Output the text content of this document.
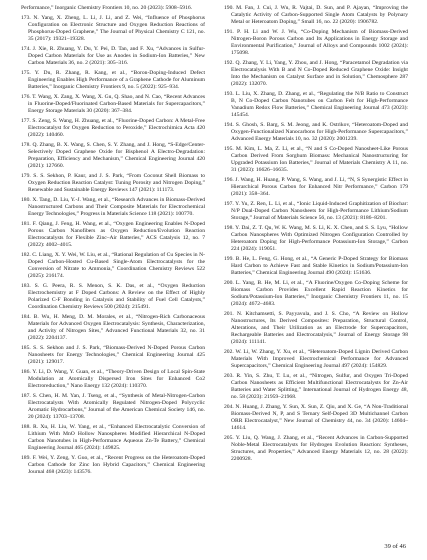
Performance,” Inorganic Chemistry Frontiers 10, no. 20 (2023): 5908–5916.

173. N. Yang, X. Zheng, L. Li, J. Li, and Z. Wei, “Influence of Phosphorus Configuration on Electronic Structure and Oxygen Reduction Reactions of Phosphorus-Doped Graphene,” The Journal of Physical Chemistry C 121, no. 35 (2017): 19321–19328.

174. J. Xie, R. Zhuang, Y. Du, Y. Pei, D. Tan, and F. Xu, “Advances in Sulfur-Doped Carbon Materials for Use as Anodes in Sodium-Ion Batteries,” New Carbon Materials 36, no. 2 (2021): 305–316.

175. Y. Du, R. Zhang, R. Kang, et al., “Boron-Doping-Induced Defect Engineering Enables High Performance of a Graphene Cathode for Aluminum Batteries,” Inorganic Chemistry Frontiers 9, no. 5 (2022): 925–934.

176. T. Wang, X. Zang, X. Wang, X. Gu, Q. Shao, and N. Cao, “Recent Advances in Fluorine-Doped/Fluorinated Carbon-Based Materials for Supercapacitors,” Energy Storage Materials 30 (2020): 367–384.

177. S. Zeng, S. Wang, H. Zhuang, et al., “Fluorine-Doped Carbon: A Metal-Free Electrocatalyst for Oxygen Reduction to Peroxide,” Electrochimica Acta 420 (2022): 140460.

178. Q. Zhang, B. X. Wang, S. Chen, S. Y. Zhang, and J. Hong, “S-Edge/Center-Selectively Doped Graphene Oxide for Bisphenol A Electro-Degradation: Preparation, Efficiency and Mechanism,” Chemical Engineering Journal 420 (2021): 127660.

179. S. S. Sekhon, P. Kaur, and J. S. Park, “From Coconut Shell Biomass to Oxygen Reduction Reaction Catalyst: Tuning Porosity and Nitrogen Doping,” Renewable and Sustainable Energy Reviews 147 (2021): 111173.

180. X. Tang, D. Liu, Y.-J. Wang, et al., “Research Advances in Biomass-Derived Nanostructured Carbons and Their Composite Materials for Electrochemical Energy Technologies,” Progress in Materials Science 118 (2021): 100770.

181. F. Qiang, J. Feng, H. Wang, et al., “Oxygen Engineering Enables N-Doped Porous Carbon Nanofibers as Oxygen Reduction/Evolution Reaction Electrocatalysts for Flexible Zinc–Air Batteries,” ACS Catalysis 12, no. 7 (2022): 4002–4015.

182. C. Liang, X. Y. Wei, W. Liu, et al., “Rational Regulation of Cu Species in N-Doped Carbon-Hosted Cu-Based Single-Atom Electrocatalysts for the Conversion of Nitrate to Ammonia,” Coordination Chemistry Reviews 522 (2025): 216174.

183. S. G. Peera, R. S. Menon, S. K. Das, et al., “Oxygen Reduction Electrochemistry at F Doped Carbons: A Review on the Effect of Highly Polarized C-F Bonding in Catalysis and Stability of Fuel Cell Catalysts,” Coordination Chemistry Reviews 500 (2024): 215491.

184. B. Wu, H. Meng, D. M. Morales, et al., “Nitrogen-Rich Carbonaceous Materials for Advanced Oxygen Electrocatalysis: Synthesis, Characterization, and Activity of Nitrogen Sites,” Advanced Functional Materials 32, no. 31 (2022): 2204137.

185. S. S. Sekhon and J. S. Park, “Biomass-Derived N-Doped Porous Carbon Nanosheets for Energy Technologies,” Chemical Engineering Journal 425 (2021): 129017.

186. Y. Li, D. Wang, Y. Guan, et al., “Theory-Driven Design of Local Spin-State Modulation at Atomically Dispersed Iron Sites for Enhanced Co2 Electroreduction,” Nano Energy 132 (2024): 110370.

187. S. Chen, H. M. Yan, J. Tseng, et al., “Synthesis of Metal-Nitrogen-Carbon Electrocatalysts With Atomically Regulated Nitrogen-Doped Polycyclic Aromatic Hydrocarbons,” Journal of the American Chemical Society 146, no. 20 (2024): 13703–13708.

188. R. Xu, H. Liu, W. Yang, et al., “Enhanced Electrocatalytic Conversion of Lithium With MnO Hollow Nanospheres Modified Hierarchical N-Doped Carbon Nanotubes in High-Performance Aqueous Zn-Te Battery,” Chemical Engineering Journal 465 (2024): 149825.

189. F. Wei, Y. Zeng, Y. Guo, et al., “Recent Progress on the Heteroatom-Doped Carbon Cathode for Zinc Ion Hybrid Capacitors,” Chemical Engineering Journal 468 (2023): 143576.

190. M. Fan, J. Cui, J. Wu, R. Vajtai, D. Sun, and P. Ajayan, “Improving the Catalytic Activity of Carbon-Supported Single Atom Catalysts by Polynary Metal or Heteroatom Doping,” Small 16, no. 22 (2020): 1906782.

191. P. H. Li and W. J. Wu, “Co-Doping Mechanism of Biomass-Derived Nitrogen-Boron Porous Carbon and Its Applications in Energy Storage and Environmental Purification,” Journal of Alloys and Compounds 1002 (2024): 175098.

192. Q. Zhang, Y. Li, Yang, Y. Zhou, and J. Hong, “Paracetamol Degradation via Electrocatalysis With B and N Co-Doped Reduced Graphene Oxide: Insight Into the Mechanism on Catalyst Surface and in Solution,” Chemosphere 287 (2022): 132070.

193. L. Liu, X. Zhang, D. Zhang, et al., “Regulating the N/B Ratio to Construct B, N Co-Doped Carbon Nanotubes on Carbon Felt for High-Performance Vanadium Redox Flow Batteries,” Chemical Engineering Journal 473 (2023): 145454.

194. S. Ghosh, S. Barg, S. M. Jeong, and K. Ostrikov, “Heteroatom-Doped and Oxygen-Functionalized Nanocarbons for High-Performance Supercapacitors,” Advanced Energy Materials 10, no. 32 (2020): 2001239.

195. M. Kim, L. Ma, Z. Li, et al., “N and S Co-Doped Nanosheet-Like Porous Carbon Derived From Sorghum Biomass: Mechanical Nanostructuring for Upgraded Potassium Ion Batteries,” Journal of Materials Chemistry A 11, no. 31 (2023): 16626–16635.

196. J. Wang, H. Huang, P. Wang, S. Wang, and J. Li, “N, S Synergistic Effect in Hierarchical Porous Carbon for Enhanced Nitr Performance,” Carbon 179 (2021): 358–364.

197. Y. Yu, Z. Ren, L. Li, et al., “Ionic Liquid-Induced Graphitization of Biochar: N/P Dual-Doped Carbon Nanosheets for High-Performance Lithium/Sodium Storage,” Journal of Materials Science 56, no. 13 (2021): 8186–8201.

198. Y. Dai, Z. T. Qu, W. K. Wang, M. S. Li, K. X. Chen, and S. S. Lyu, “Hollow Carbon Nanospheres With Optimized Nitrogen Configuration Controlled by Heteroatom Doping for High-Performance Potassium-Ion Storage,” Carbon 224 (2024): 119051.

199. B. He, L. Feng, G. Hong, et al., “A Generic P-Doped Strategy for Biomass Hard Carbon to Achieve Fast and Stable Kinetics in Sodium/Potassium-Ion Batteries,” Chemical Engineering Journal 490 (2024): 151636.

200. L. Yang, B. He, M. Li, et al., “A Fluorine/Oxygen Co-Doping Scheme for Biomass Carbon Provides Excellent Rapid Reaction Kinetics for Sodium/Potassium-Ion Batteries,” Inorganic Chemistry Frontiers 11, no. 15 (2024): 4672–4683.

201. N. Kitchamsetti, S. Payyavula, and J. S. Cho, “A Review on Hollow Nanostructures, Its Derived Composites: Preparation, Structural Control, Alterations, and Their Utilization as an Electrode for Supercapacitors, Rechargeable Batteries and Electrocatalysis,” Journal of Energy Storage 98 (2024): 111141.

202. W. Li, W. Zhang, Y. Xu, et al., “Heteroatom-Doped Lignin Derived Carbon Materials With Improved Electrochemical Performance for Advanced Supercapacitors,” Chemical Engineering Journal 497 (2024): 154829.

203. R. Yin, S. Zhu, T. Lu, et al., “Nitrogen, Sulfur, and Oxygen Tri-Doped Carbon Nanosheets as Efficient Multifunctional Electrocatalysts for Zn-Air Batteries and Water Splitting,” International Journal of Hydrogen Energy 48, no. 58 (2023): 21959–21968.

204. N. Huang, J. Zhang, Y. Sun, X. Sun, Z. Qiu, and X. Ge, “A Non-Traditional Biomass-Derived N, P, and S Ternary Self-Doped 3D Multichannel Carbon ORR Electrocatalyst,” New Journal of Chemistry 44, no. 34 (2020): 14604–14614.

205. Y. Liu, Q. Wang, J. Zhang, et al., “Recent Advances in Carbon-Supported Noble-Metal Electrocatalysts for Hydrogen Evolution Reaction: Syntheses, Structures, and Properties,” Advanced Energy Materials 12, no. 28 (2022): 2200928.

39 of 46
